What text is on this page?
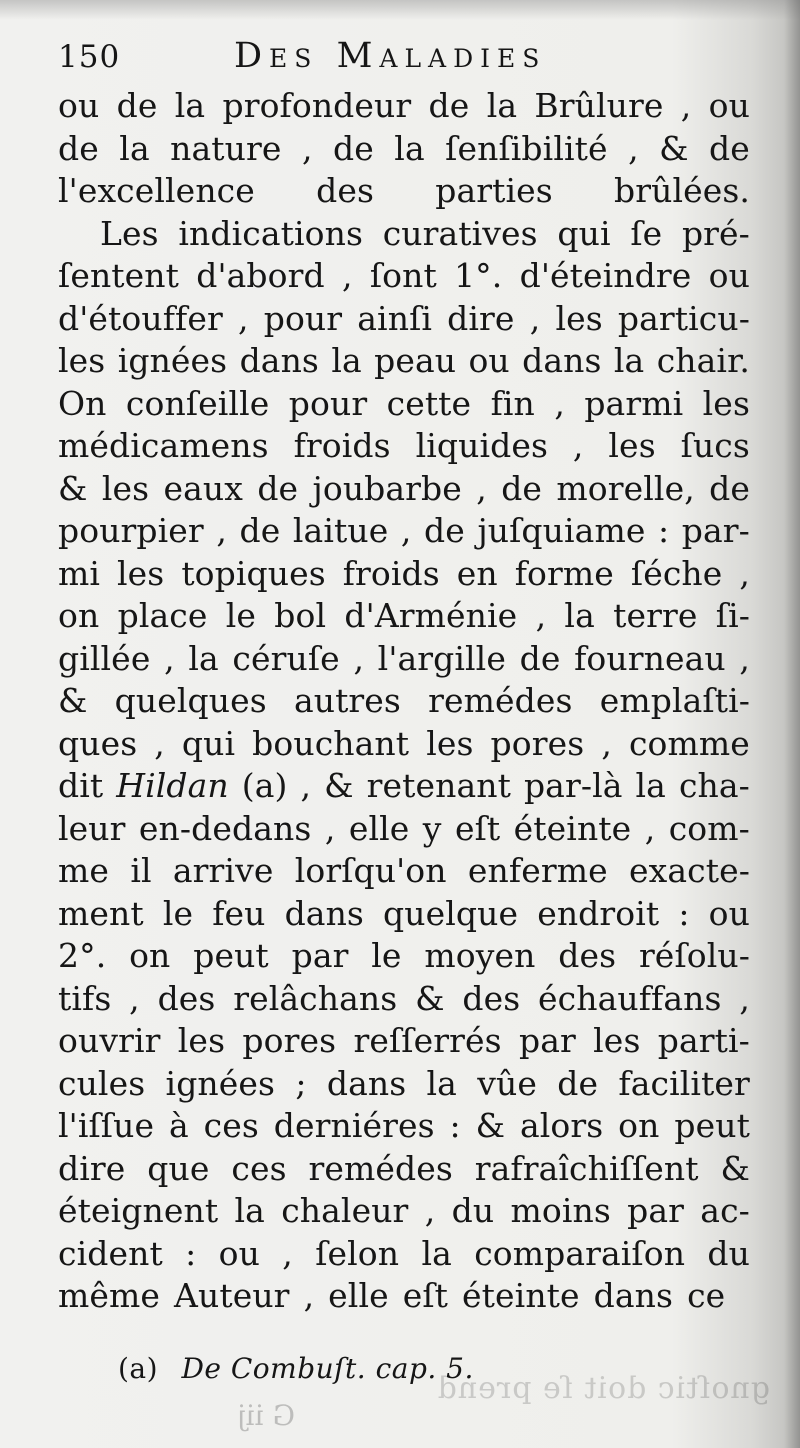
150	Des Maladies
ou de la profondeur de la Brûlure , ou
de la nature , de la ſenſibilité , & de
l'excellence des parties brûlées.
Les indications curatives qui ſe pré-
ſentent d'abord , ſont 1°. d'éteindre ou
d'étouffer , pour ainſi dire , les particu-
les ignées dans la peau ou dans la chair.
On conſeille pour cette fin , parmi les
médicamens froids liquides , les ſucs
& les eaux de joubarbe , de morelle, de
pourpier , de laitue , de juſquiame : par-
mi les topiques froids en forme ſéche ,
on place le bol d'Arménie , la terre ſi-
gillée , la céruſe , l'argille de fourneau ,
& quelques autres remédes emplaſti-
ques , qui bouchant les pores , comme
dit Hildan (a) , & retenant par-là la cha-
leur en-dedans , elle y eſt éteinte , com-
me il arrive lorſqu'on enferme exacte-
ment le feu dans quelque endroit : ou
2°. on peut par le moyen des réſolu-
tifs , des relâchans & des échauffans ,
ouvrir les pores reſſerrés par les parti-
cules ignées ; dans la vûe de faciliter
l'iſſue à ces derniéres : & alors on peut
dire que ces remédes rafraîchiſſent &
éteignent la chaleur , du moins par ac-
cident : ou , ſelon la comparaiſon du
même Auteur , elle eſt éteinte dans ce
(a) De Combuſt. cap. 5.
gnoſtic doit ſe prend
G iij
